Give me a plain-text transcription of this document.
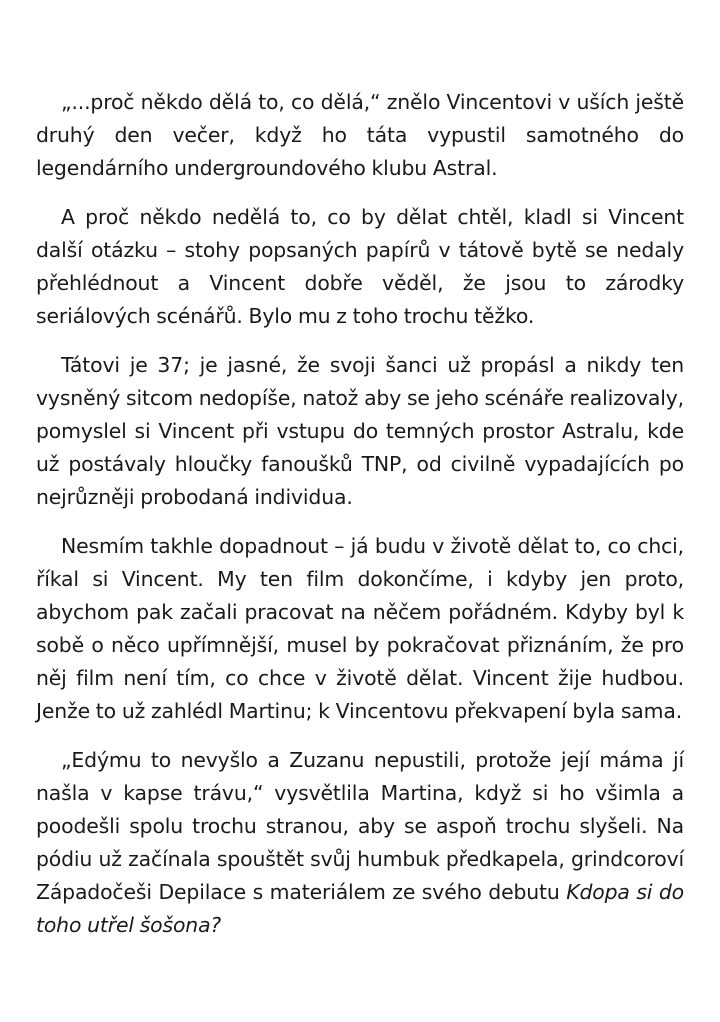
„...proč někdo dělá to, co dělá,“ znělo Vincentovi v uších ještě druhý den večer, když ho táta vypustil samotného do legendárního undergroundového klubu Astral.

A proč někdo nedělá to, co by dělat chtěl, kladl si Vincent další otázku – stohy popsaných papírů v tátově bytě se nedaly přehlédnout a Vincent dobře věděl, že jsou to zárodky seriálových scénářů. Bylo mu z toho trochu těžko.

Tátovi je 37; je jasné, že svoji šanci už propásl a nikdy ten vysněný sitcom nedopíše, natož aby se jeho scénáře realizovaly, pomyslel si Vincent při vstupu do temných prostor Astralu, kde už postávaly hloučky fanoušků TNP, od civilně vypadajících po nejrůzněji probodaná individua.

Nesmím takhle dopadnout – já budu v životě dělat to, co chci, říkal si Vincent. My ten film dokončíme, i kdyby jen proto, abychom pak začali pracovat na něčem pořádném. Kdyby byl k sobě o něco upřímnější, musel by pokračovat přiznáním, že pro něj film není tím, co chce v životě dělat. Vincent žije hudbou. Jenže to už zahlédl Martinu; k Vincentovu překvapení byla sama.

„Edýmu to nevyšlo a Zuzanu nepustili, protože její máma jí našla v kapse trávu,“ vysvětlila Martina, když si ho všimla a poodešli spolu trochu stranou, aby se aspoň trochu slyšeli. Na pódiu už začínala spouštět svůj humbuk předkapela, grindcoroví Západočeši Depilace s materiálem ze svého debutu Kdopa si do toho utřel šošona?
